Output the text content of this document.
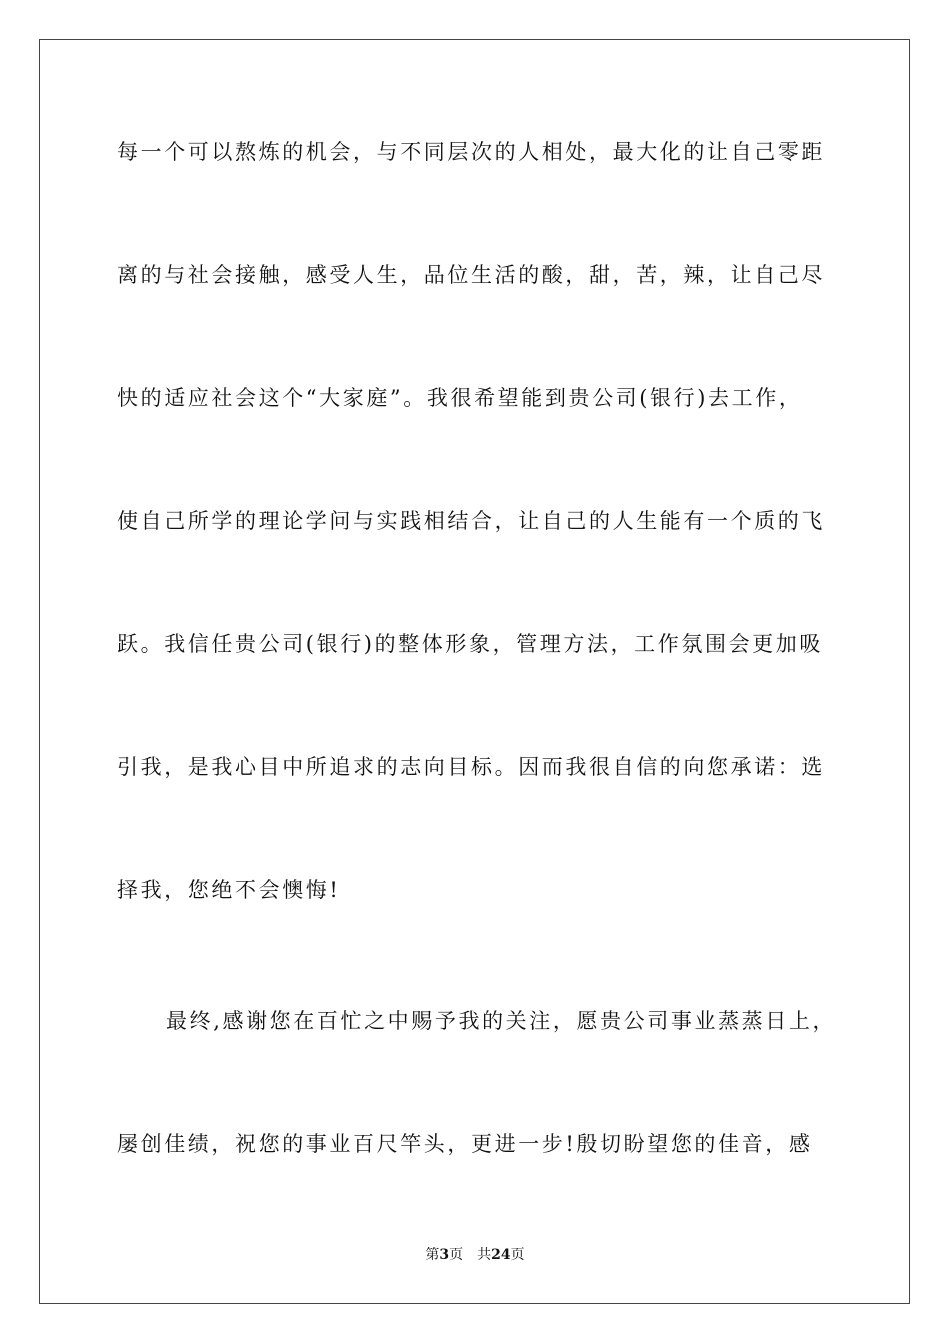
每一个可以熬炼的机会，与不同层次的人相处，最大化的让自己零距
离的与社会接触，感受人生，品位生活的酸，甜，苦，辣，让自己尽
快的适应社会这个“大家庭”。我很希望能到贵公司(银行)去工作，
使自己所学的理论学问与实践相结合，让自己的人生能有一个质的飞
跃。我信任贵公司(银行)的整体形象，管理方法，工作氛围会更加吸
引我，是我心目中所追求的志向目标。因而我很自信的向您承诺：选
择我，您绝不会懊悔!
最终,感谢您在百忙之中赐予我的关注，愿贵公司事业蒸蒸日上，
屡创佳绩，祝您的事业百尺竿头，更进一步!殷切盼望您的佳音，感
第3页 共24页
